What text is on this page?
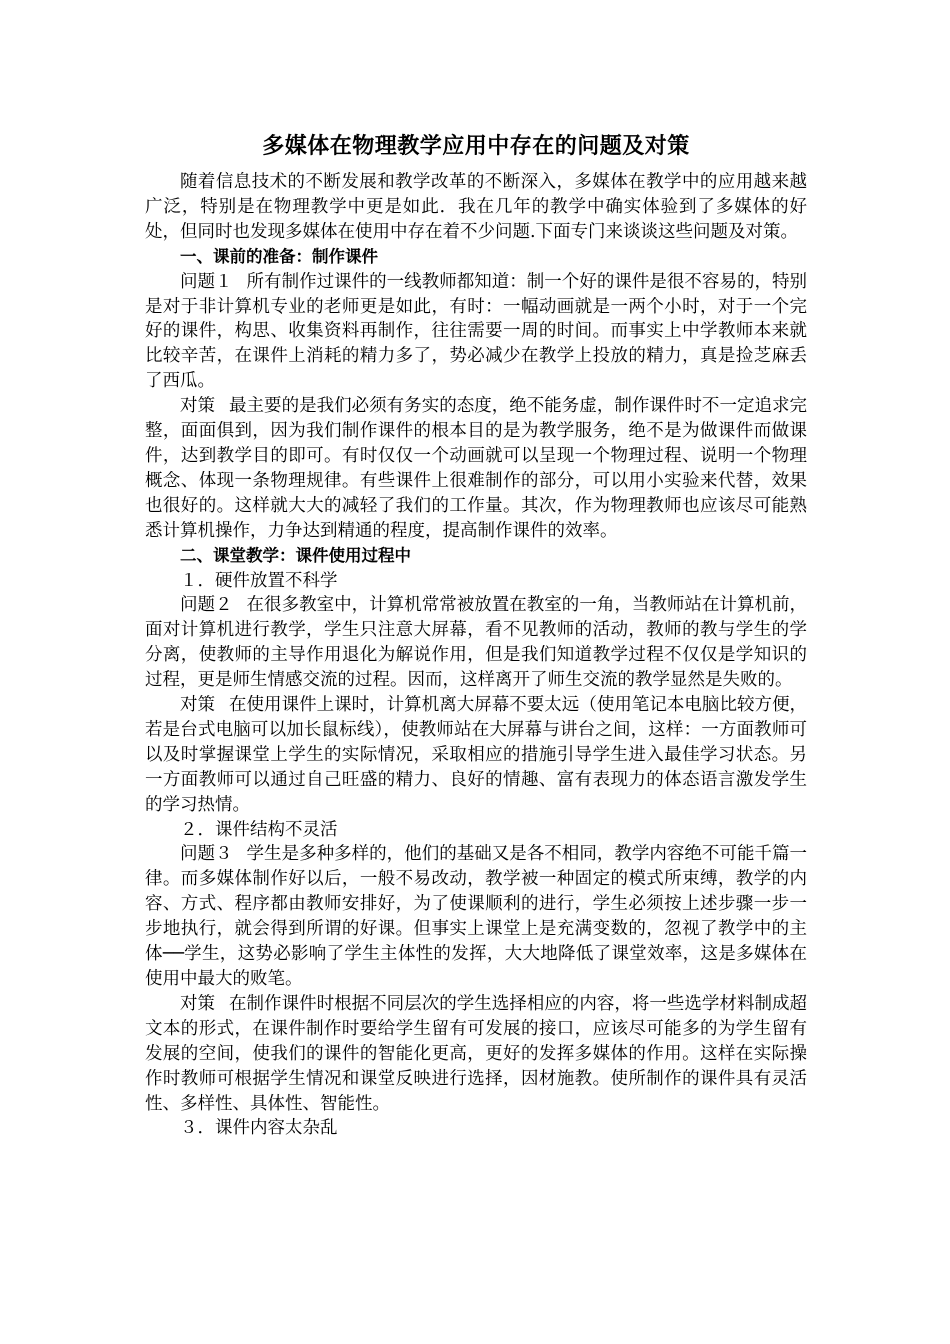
多媒体在物理教学应用中存在的问题及对策

随着信息技术的不断发展和教学改革的不断深入，多媒体在教学中的应用越来越广泛，特别是在物理教学中更是如此．我在几年的教学中确实体验到了多媒体的好处，但同时也发现多媒体在使用中存在着不少问题.下面专门来谈谈这些问题及对策。

一、课前的准备：制作课件

问题１ 所有制作过课件的一线教师都知道：制一个好的课件是很不容易的，特别是对于非计算机专业的老师更是如此，有时：一幅动画就是一两个小时，对于一个完好的课件，构思、收集资料再制作，往往需要一周的时间。而事实上中学教师本来就比较辛苦，在课件上消耗的精力多了，势必减少在教学上投放的精力，真是捡芝麻丢了西瓜。

对策 最主要的是我们必须有务实的态度，绝不能务虚，制作课件时不一定追求完整，面面俱到，因为我们制作课件的根本目的是为教学服务，绝不是为做课件而做课件，达到教学目的即可。有时仅仅一个动画就可以呈现一个物理过程、说明一个物理概念、体现一条物理规律。有些课件上很难制作的部分，可以用小实验来代替，效果也很好的。这样就大大的减轻了我们的工作量。其次，作为物理教师也应该尽可能熟悉计算机操作，力争达到精通的程度，提高制作课件的效率。

二、课堂教学：课件使用过程中

１．硬件放置不科学

问题２ 在很多教室中，计算机常常被放置在教室的一角，当教师站在计算机前，面对计算机进行教学，学生只注意大屏幕，看不见教师的活动，教师的教与学生的学分离，使教师的主导作用退化为解说作用，但是我们知道教学过程不仅仅是学知识的过程，更是师生情感交流的过程。因而，这样离开了师生交流的教学显然是失败的。

对策 在使用课件上课时，计算机离大屏幕不要太远（使用笔记本电脑比较方便，若是台式电脑可以加长鼠标线），使教师站在大屏幕与讲台之间，这样：一方面教师可以及时掌握课堂上学生的实际情况，采取相应的措施引导学生进入最佳学习状态。另一方面教师可以通过自己旺盛的精力、良好的情趣、富有表现力的体态语言激发学生的学习热情。

２．课件结构不灵活

问题３ 学生是多种多样的，他们的基础又是各不相同，教学内容绝不可能千篇一律。而多媒体制作好以后，一般不易改动，教学被一种固定的模式所束缚，教学的内容、方式、程序都由教师安排好，为了使课顺利的进行，学生必须按上述步骤一步一步地执行，就会得到所谓的好课。但事实上课堂上是充满变数的，忽视了教学中的主体──学生，这势必影响了学生主体性的发挥，大大地降低了课堂效率，这是多媒体在使用中最大的败笔。

对策 在制作课件时根据不同层次的学生选择相应的内容，将一些选学材料制成超文本的形式，在课件制作时要给学生留有可发展的接口，应该尽可能多的为学生留有发展的空间，使我们的课件的智能化更高，更好的发挥多媒体的作用。这样在实际操作时教师可根据学生情况和课堂反映进行选择，因材施教。使所制作的课件具有灵活性、多样性、具体性、智能性。

３．课件内容太杂乱
